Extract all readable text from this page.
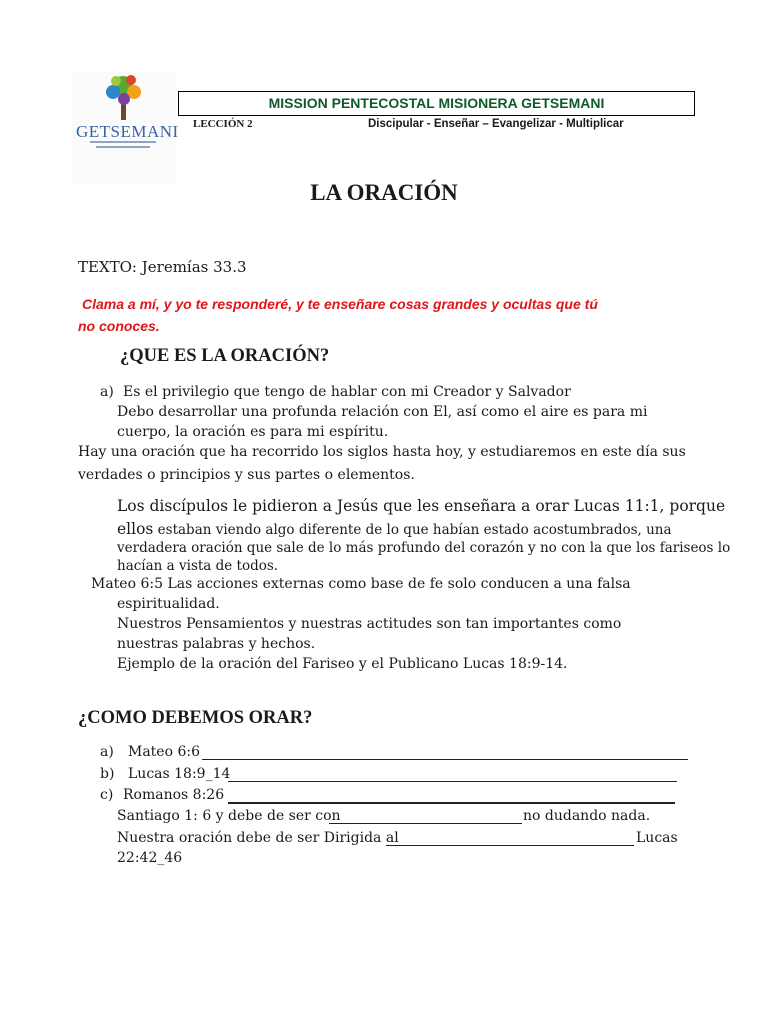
GETSEMANI
MISSION PENTECOSTAL MISIONERA GETSEMANI
LECCIÓN 2	Discipular - Enseñar – Evangelizar - Multiplicar
LA ORACIÓN
TEXTO: Jeremías 33.3
Clama a mí, y yo te responderé, y te enseñare cosas grandes y ocultas que tú
no conoces.
¿QUE ES LA ORACIÓN?
a) Es el privilegio que tengo de hablar con mi Creador y Salvador
Debo desarrollar una profunda relación con El, así como el aire es para mi
cuerpo, la oración es para mi espíritu.
Hay una oración que ha recorrido los siglos hasta hoy, y estudiaremos en este día sus
verdades o principios y sus partes o elementos.
Los discípulos le pidieron a Jesús que les enseñara a orar Lucas 11:1, porque
ellos estaban viendo algo diferente de lo que habían estado acostumbrados, una
verdadera oración que sale de lo más profundo del corazón y no con la que los fariseos lo
hacían a vista de todos.
Mateo 6:5 Las acciones externas como base de fe solo conducen a una falsa
espiritualidad.
Nuestros Pensamientos y nuestras actitudes son tan importantes como
nuestras palabras y hechos.
Ejemplo de la oración del Fariseo y el Publicano Lucas 18:9-14.
¿COMO DEBEMOS ORAR?
a) Mateo 6:6
b) Lucas 18:9_14
c) Romanos 8:26
Santiago 1: 6 y debe de ser con	no dudando nada.
Nuestra oración debe de ser Dirigida al	Lucas
22:42_46
